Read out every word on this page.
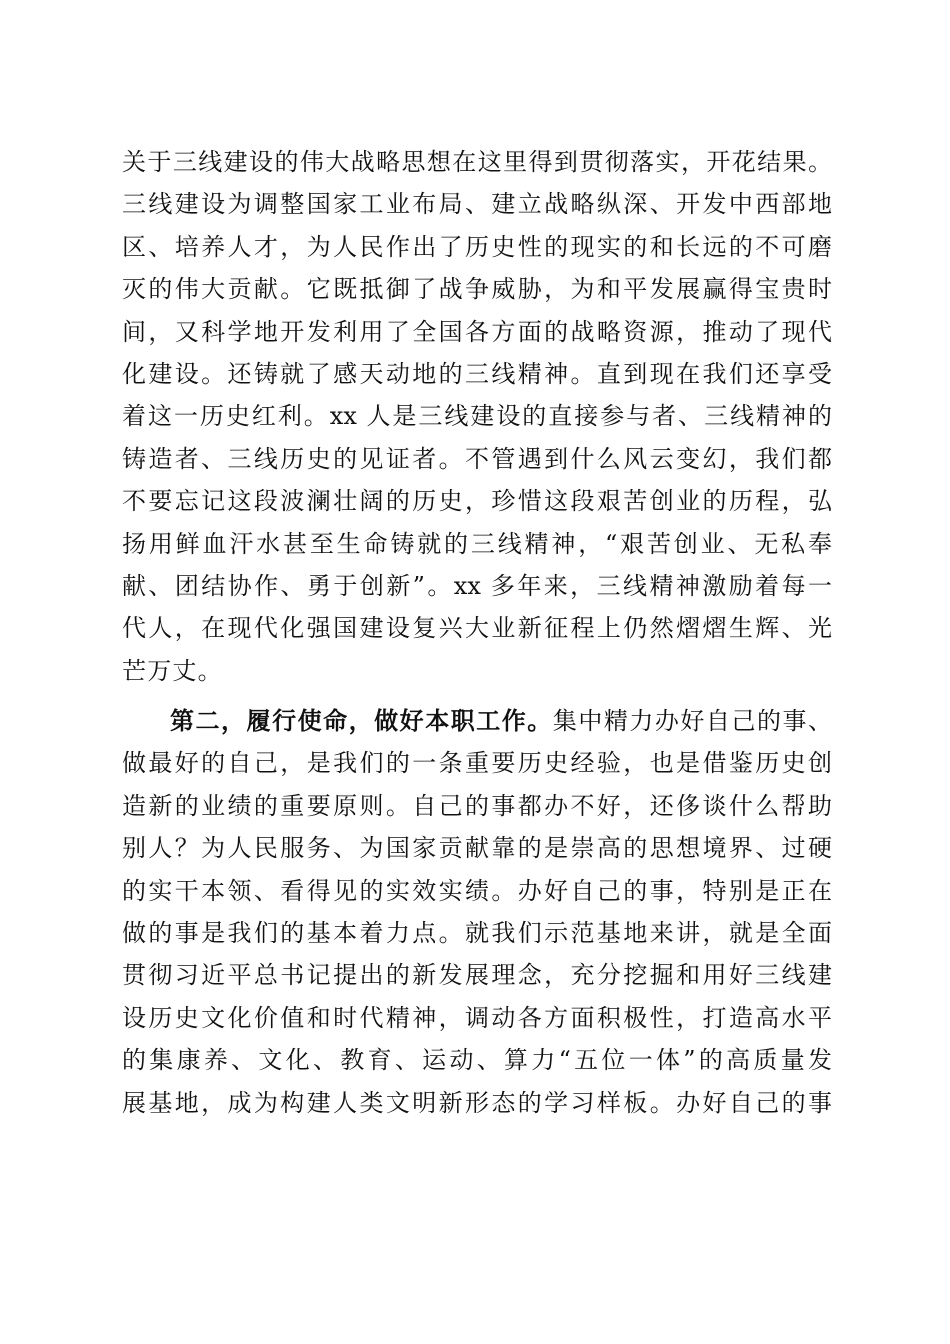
关于三线建设的伟大战略思想在这里得到贯彻落实，开花结果。
三线建设为调整国家工业布局、建立战略纵深、开发中西部地
区、培养人才，为人民作出了历史性的现实的和长远的不可磨
灭的伟大贡献。它既抵御了战争威胁，为和平发展赢得宝贵时
间，又科学地开发利用了全国各方面的战略资源，推动了现代
化建设。还铸就了感天动地的三线精神。直到现在我们还享受
着这一历史红利。xx 人是三线建设的直接参与者、三线精神的
铸造者、三线历史的见证者。不管遇到什么风云变幻，我们都
不要忘记这段波澜壮阔的历史，珍惜这段艰苦创业的历程，弘
扬用鲜血汗水甚至生命铸就的三线精神，“艰苦创业、无私奉
献、团结协作、勇于创新”。xx 多年来，三线精神激励着每一
代人，在现代化强国建设复兴大业新征程上仍然熠熠生辉、光
芒万丈。
第二，履行使命，做好本职工作。集中精力办好自己的事、
做最好的自己，是我们的一条重要历史经验，也是借鉴历史创
造新的业绩的重要原则。自己的事都办不好，还侈谈什么帮助
别人？为人民服务、为国家贡献靠的是崇高的思想境界、过硬
的实干本领、看得见的实效实绩。办好自己的事，特别是正在
做的事是我们的基本着力点。就我们示范基地来讲，就是全面
贯彻习近平总书记提出的新发展理念，充分挖掘和用好三线建
设历史文化价值和时代精神，调动各方面积极性，打造高水平
的集康养、文化、教育、运动、算力“五位一体”的高质量发
展基地，成为构建人类文明新形态的学习样板。办好自己的事
